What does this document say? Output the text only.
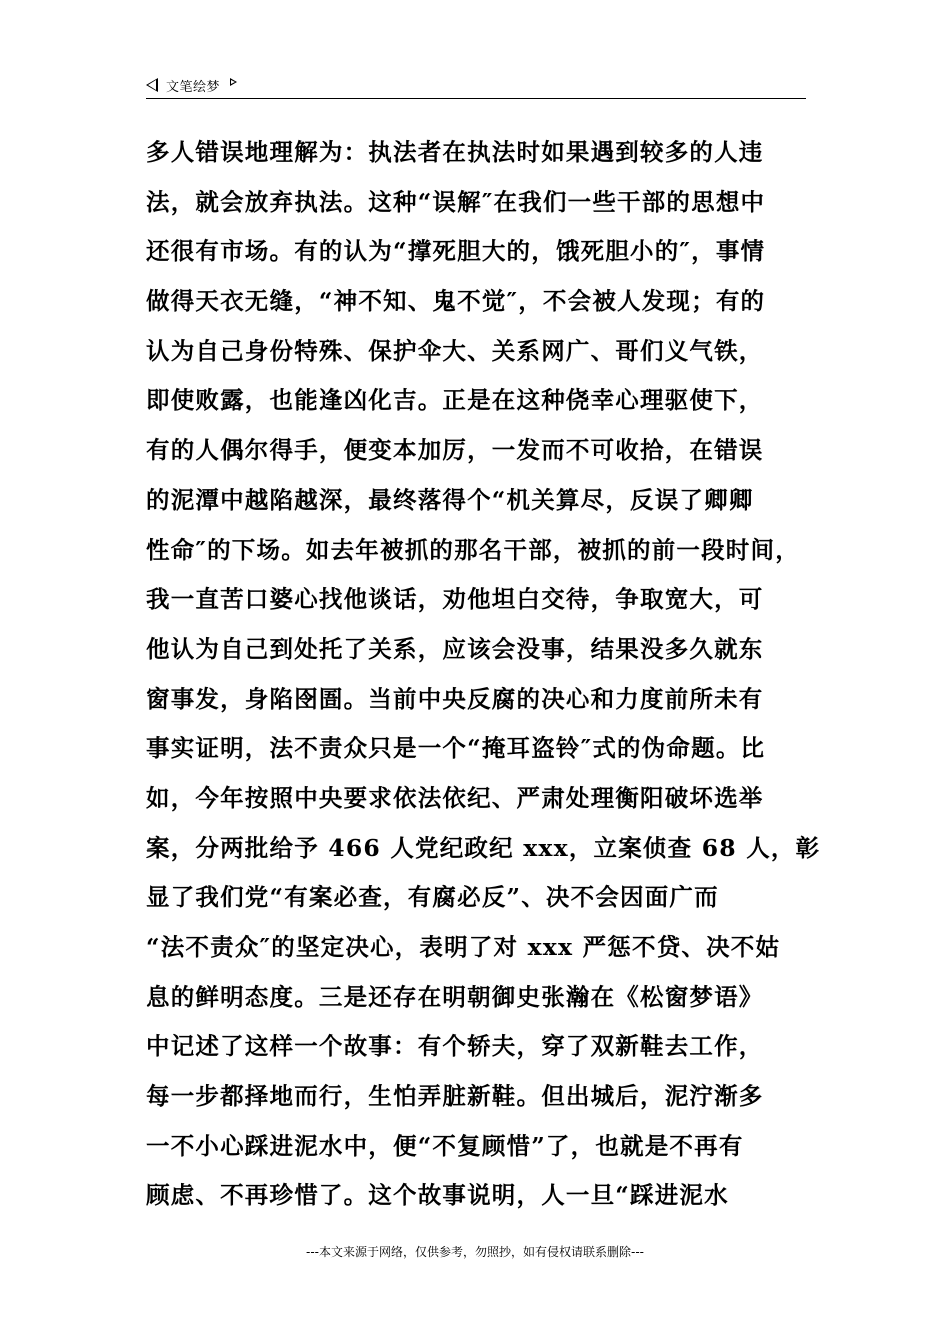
文笔绘梦
多人错误地理解为：执法者在执法时如果遇到较多的人违
法，就会放弃执法。这种“误解″在我们一些干部的思想中
还很有市场。有的认为“撑死胆大的，饿死胆小的″，事情
做得天衣无缝，“神不知、鬼不觉″，不会被人发现；有的
认为自己身份特殊、保护伞大、关系网广、哥们义气铁，
即使败露，也能逢凶化吉。正是在这种侥幸心理驱使下，
有的人偶尔得手，便变本加厉，一发而不可收拾，在错误
的泥潭中越陷越深，最终落得个“机关算尽，反误了卿卿
性命″的下场。如去年被抓的那名干部，被抓的前一段时间，
我一直苦口婆心找他谈话，劝他坦白交待，争取宽大，可
他认为自己到处托了关系，应该会没事，结果没多久就东
窗事发，身陷囹圄。当前中央反腐的决心和力度前所未有
事实证明，法不责众只是一个“掩耳盗铃″式的伪命题。比
如，今年按照中央要求依法依纪、严肃处理衡阳破坏选举
案，分两批给予 466 人党纪政纪 xxx，立案侦查 68 人，彰
显了我们党“有案必查，有腐必反”、决不会因面广而
“法不责众″的坚定决心，表明了对 xxx 严惩不贷、决不姑
息的鲜明态度。三是还存在明朝御史张瀚在《松窗梦语》
中记述了这样一个故事：有个轿夫，穿了双新鞋去工作，
每一步都择地而行，生怕弄脏新鞋。但出城后，泥泞渐多
一不小心踩进泥水中，便“不复顾惜”了，也就是不再有
顾虑、不再珍惜了。这个故事说明，人一旦“踩进泥水
---本文来源于网络，仅供参考，勿照抄，如有侵权请联系删除---
